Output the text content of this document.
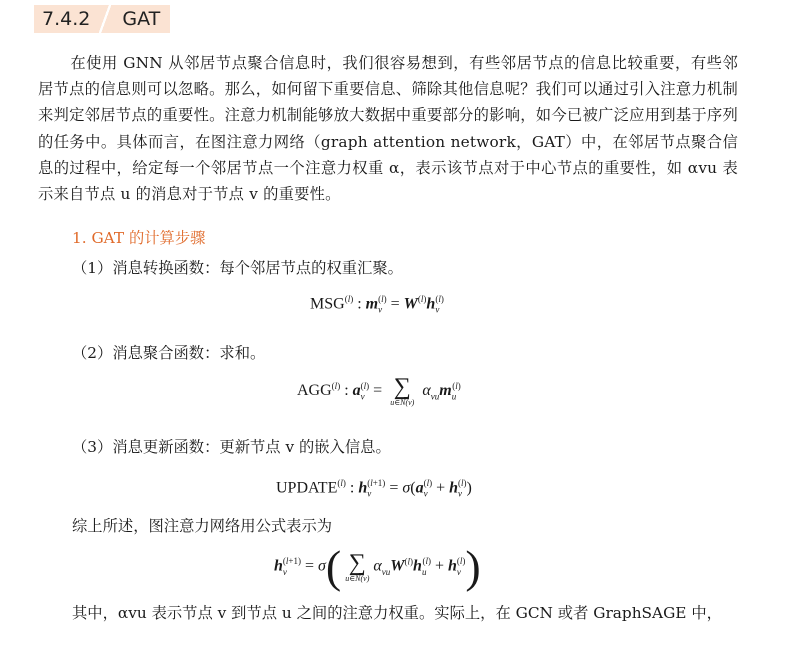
7.4.2	GAT
在使用 GNN 从邻居节点聚合信息时，我们很容易想到，有些邻居节点的信息比较重要，有些邻居节点的信息则可以忽略。那么，如何留下重要信息、筛除其他信息呢？我们可以通过引入注意力机制来判定邻居节点的重要性。注意力机制能够放大数据中重要部分的影响，如今已被广泛应用到基于序列的任务中。具体而言，在图注意力网络（graph attention network，GAT）中，在邻居节点聚合信息的过程中，给定每一个邻居节点一个注意力权重 α，表示该节点对于中心节点的重要性，如 αvu 表示来自节点 u 的消息对于节点 v 的重要性。
1. GAT 的计算步骤
（1）消息转换函数：每个邻居节点的权重汇聚。
MSG$^{(l)}$ : $m_v^{(l)} = W^{(l)}h_v^{(l)}$
（2）消息聚合函数：求和。
AGG$^{(l)}$ : $a_v^{(l)}$ = ∑
u∈N(v)
$\alpha_{vu}m_u^{(l)}$
（3）消息更新函数：更新节点 v 的嵌入信息。
UPDATE$^{(l)}$ : $h_v^{(l+1)} = \sigma(a_v^{(l)} + h_v^{(l)})$
综上所述，图注意力网络用公式表示为
$h_v^{(l+1)} = \sigma$( ∑
u∈N(v)
$\alpha_{vu}W^{(l)}h_u^{(l)} + h_v^{(l)}$)
其中，αvu 表示节点 v 到节点 u 之间的注意力权重。实际上，在 GCN 或者 GraphSAGE 中，
